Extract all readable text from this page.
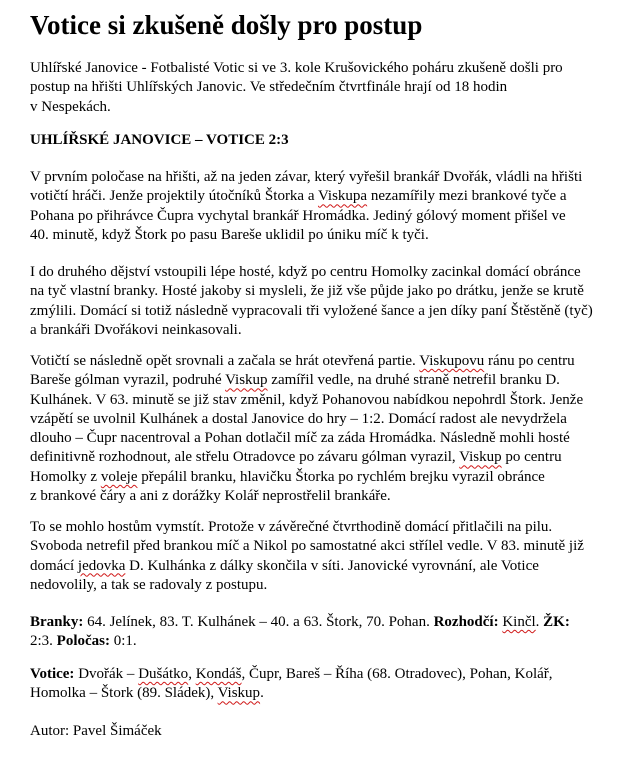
Votice si zkušeně došly pro postup

Uhlířské Janovice - Fotbalisté Votic si ve 3. kole Krušovického poháru zkušeně došli pro
postup na hřišti Uhlířských Janovic. Ve středečním čtvrtfinále hrají od 18 hodin
v Nespekách.

UHLÍŘSKÉ JANOVICE – VOTICE 2:3

V prvním poločase na hřišti, až na jeden závar, který vyřešil brankář Dvořák, vládli na hřišti
votičtí hráči. Jenže projektily útočníků Štorka a Viskupa nezamířily mezi brankové tyče a
Pohana po přihrávce Čupra vychytal brankář Hromádka. Jediný gólový moment přišel ve
40. minutě, když Štork po pasu Bareše uklidil po úniku míč k tyči.

I do druhého dějství vstoupili lépe hosté, když po centru Homolky zacinkal domácí obránce
na tyč vlastní branky. Hosté jakoby si mysleli, že již vše půjde jako po drátku, jenže se krutě
zmýlili. Domácí si totiž následně vypracovali tři vyložené šance a jen díky paní Štěstěně (tyč)
a brankáři Dvořákovi neinkasovali.

Votičtí se následně opět srovnali a začala se hrát otevřená partie. Viskupovu ránu po centru
Bareše gólman vyrazil, podruhé Viskup zamířil vedle, na druhé straně netrefil branku D.
Kulhánek. V 63. minutě se již stav změnil, když Pohanovou nabídkou nepohrdl Štork. Jenže
vzápětí se uvolnil Kulhánek a dostal Janovice do hry – 1:2. Domácí radost ale nevydržela
dlouho – Čupr nacentroval a Pohan dotlačil míč za záda Hromádka. Následně mohli hosté
definitivně rozhodnout, ale střelu Otradovce po závaru gólman vyrazil, Viskup po centru
Homolky z voleje přepálil branku, hlavičku Štorka po rychlém brejku vyrazil obránce
z brankové čáry a ani z dorážky Kolář neprostřelil brankáře.

To se mohlo hostům vymstít. Protože v závěrečné čtvrthodině domácí přitlačili na pilu.
Svoboda netrefil před brankou míč a Nikol po samostatné akci střílel vedle. V 83. minutě již
domácí jedovka D. Kulhánka z dálky skončila v síti. Janovické vyrovnání, ale Votice
nedovolily, a tak se radovaly z postupu.

Branky: 64. Jelínek, 83. T. Kulhánek – 40. a 63. Štork, 70. Pohan. Rozhodčí: Kinčl. ŽK:
2:3. Poločas: 0:1.

Votice: Dvořák – Dušátko, Kondáš, Čupr, Bareš – Říha (68. Otradovec), Pohan, Kolář,
Homolka – Štork (89. Sládek), Viskup.

Autor: Pavel Šimáček
